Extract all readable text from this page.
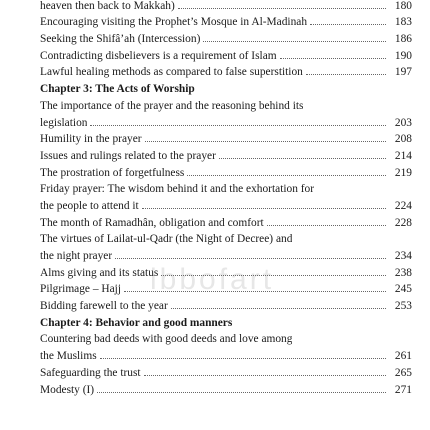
heaven then back to Makkah)	180
Encouraging visiting the Prophet’s Mosque in Al-Madinah	183
Seeking the Shifâ’ah (Intercession)	186
Contradicting disbelievers is a requirement of Islam	190
Lawful healing methods as compared to false superstition	197
Chapter 3: The Acts of Worship
The importance of the prayer and the reasoning behind its
legislation	203
Humility in the prayer	208
Issues and rulings related to the prayer	214
The prostration of forgetfulness	219
Friday prayer: The wisdom behind it and the exhortation for
the people to attend it	224
The month of Ramadhân, obligation and comfort	228
The virtues of Lailat-ul-Qadr (the Night of Decree) and
the night prayer	234
Alms giving and its status	238
Pilgrimage – Hajj	245
Bidding farewell to the year	253
Chapter 4: Behavior and good manners
Countering bad deeds with good deeds and love among
the Muslims	261
Safeguarding the trust	265
Modesty (I)	271
ibbofart
